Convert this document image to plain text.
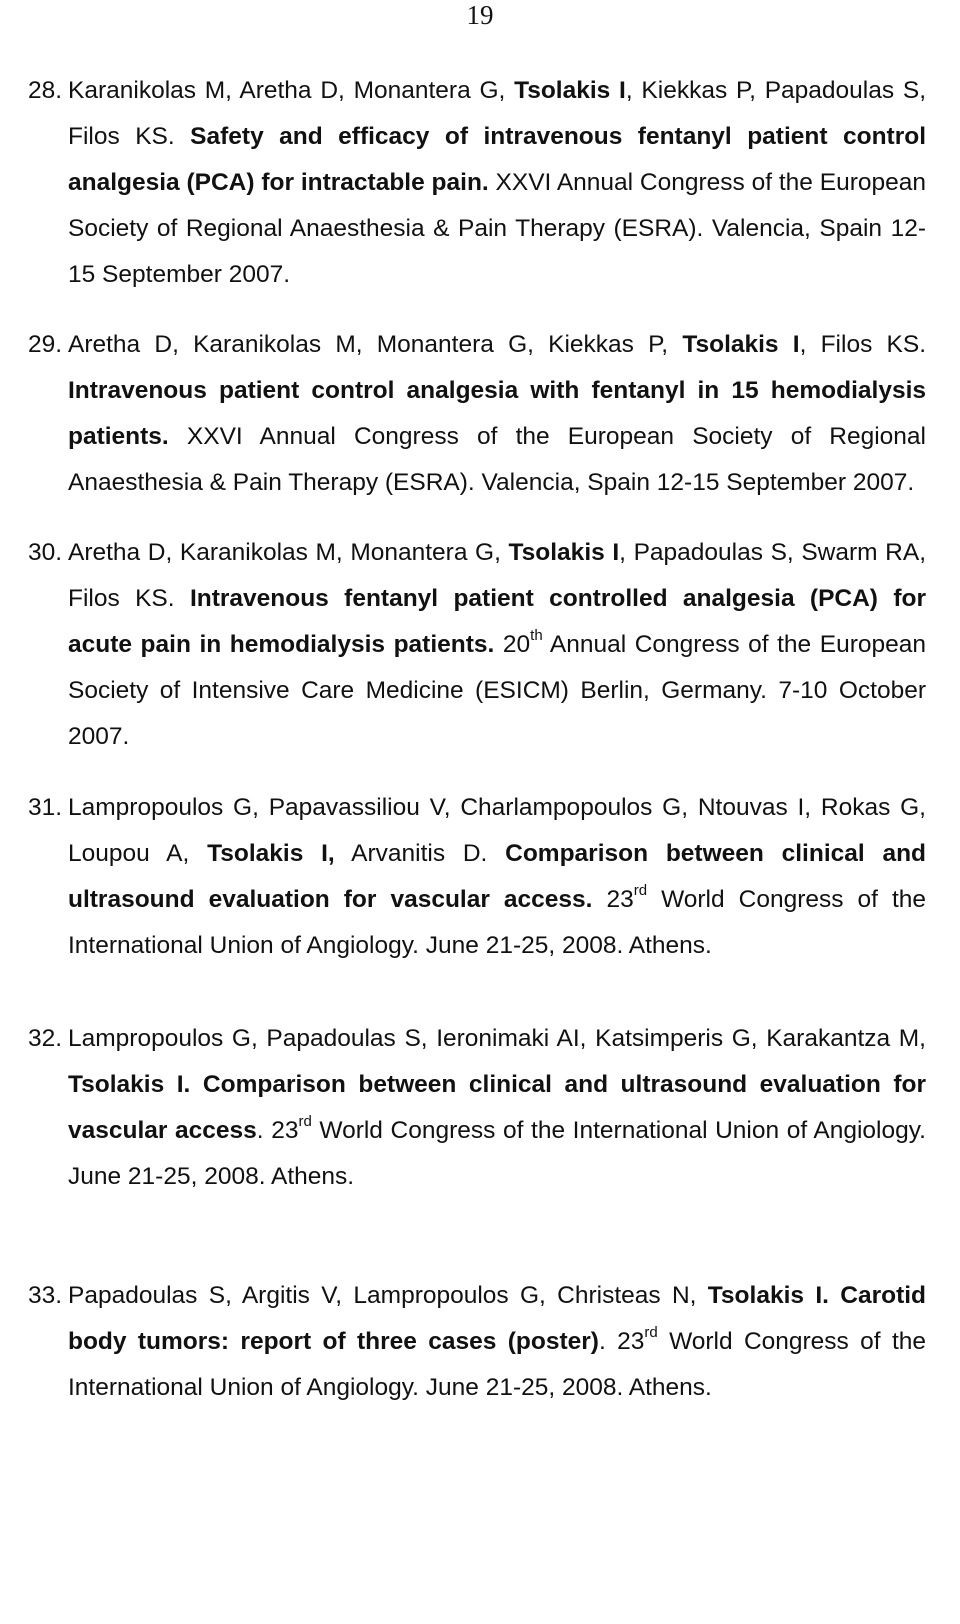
19
28. Karanikolas M, Aretha D, Monantera G, Tsolakis I, Kiekkas P, Papadoulas S, Filos KS. Safety and efficacy of intravenous fentanyl patient control analgesia (PCA) for intractable pain. XXVI Annual Congress of the European Society of Regional Anaesthesia & Pain Therapy (ESRA). Valencia, Spain 12-15 September 2007.
29. Aretha D, Karanikolas M, Monantera G, Kiekkas P, Tsolakis I, Filos KS. Intravenous patient control analgesia with fentanyl in 15 hemodialysis patients. XXVI Annual Congress of the European Society of Regional Anaesthesia & Pain Therapy (ESRA). Valencia, Spain 12-15 September 2007.
30. Aretha D, Karanikolas M, Monantera G, Tsolakis I, Papadoulas S, Swarm RA, Filos KS. Intravenous fentanyl patient controlled analgesia (PCA) for acute pain in hemodialysis patients. 20th Annual Congress of the European Society of Intensive Care Medicine (ESICM) Berlin, Germany. 7-10 October 2007.
31. Lampropoulos G, Papavassiliou V, Charlampopoulos G, Ntouvas I, Rokas G, Loupou A, Tsolakis I, Arvanitis D. Comparison between clinical and ultrasound evaluation for vascular access. 23rd World Congress of the International Union of Angiology. June 21-25, 2008. Athens.
32. Lampropoulos G, Papadoulas S, Ieronimaki AI, Katsimperis G, Karakantza M, Tsolakis I. Comparison between clinical and ultrasound evaluation for vascular access. 23rd World Congress of the International Union of Angiology. June 21-25, 2008. Athens.
33. Papadoulas S, Argitis V, Lampropoulos G, Christeas N, Tsolakis I. Carotid body tumors: report of three cases (poster). 23rd World Congress of the International Union of Angiology. June 21-25, 2008. Athens.
